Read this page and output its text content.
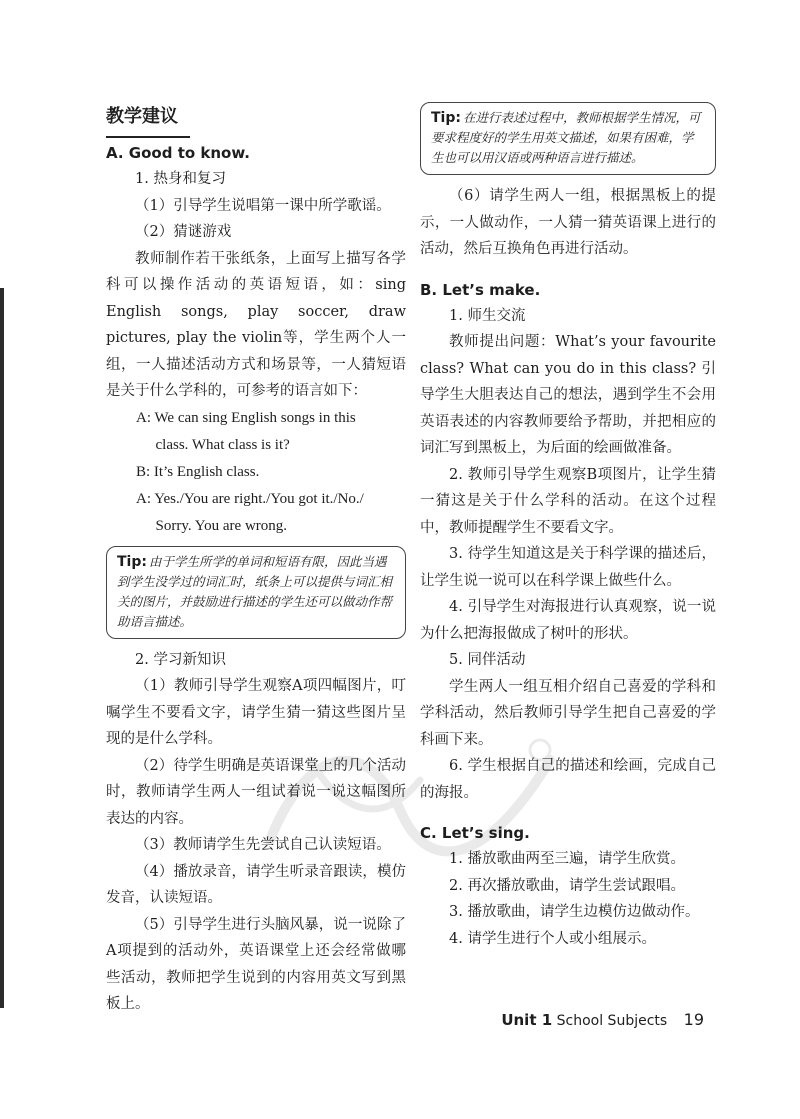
教学建议
A. Good to know.

1. 热身和复习

（1）引导学生说唱第一课中所学歌谣。

（2）猜谜游戏

教师制作若干张纸条，上面写上描写各学科可以操作活动的英语短语，如：sing English songs, play soccer, draw pictures, play the violin等，学生两个人一组，一人描述活动方式和场景等，一人猜短语是关于什么学科的，可参考的语言如下：

A: We can sing English songs in this
class. What class is it?
B: It’s English class.
A: Yes./You are right./You got it./No./
Sorry. You are wrong.
Tip: 由于学生所学的单词和短语有限，因此当遇到学生没学过的词汇时，纸条上可以提供与词汇相关的图片，并鼓励进行描述的学生还可以做动作帮助语言描述。

2. 学习新知识

（1）教师引导学生观察A项四幅图片，叮嘱学生不要看文字，请学生猜一猜这些图片呈现的是什么学科。

（2）待学生明确是英语课堂上的几个活动时，教师请学生两人一组试着说一说这幅图所表达的内容。

（3）教师请学生先尝试自己认读短语。

（4）播放录音，请学生听录音跟读，模仿发音，认读短语。

（5）引导学生进行头脑风暴，说一说除了A项提到的活动外，英语课堂上还会经常做哪些活动，教师把学生说到的内容用英文写到黑板上。

Tip: 在进行表述过程中，教师根据学生情况，可要求程度好的学生用英文描述，如果有困难，学生也可以用汉语或两种语言进行描述。

（6）请学生两人一组，根据黑板上的提示，一人做动作，一人猜一猜英语课上进行的活动，然后互换角色再进行活动。

B. Let’s make.

1. 师生交流

教师提出问题：What’s your favourite class? What can you do in this class? 引导学生大胆表达自己的想法，遇到学生不会用英语表述的内容教师要给予帮助，并把相应的词汇写到黑板上，为后面的绘画做准备。

2. 教师引导学生观察B项图片，让学生猜一猜这是关于什么学科的活动。在这个过程中，教师提醒学生不要看文字。

3. 待学生知道这是关于科学课的描述后，让学生说一说可以在科学课上做些什么。

4. 引导学生对海报进行认真观察，说一说为什么把海报做成了树叶的形状。

5. 同伴活动

学生两人一组互相介绍自己喜爱的学科和学科活动，然后教师引导学生把自己喜爱的学科画下来。

6. 学生根据自己的描述和绘画，完成自己的海报。

C. Let’s sing.

1. 播放歌曲两至三遍，请学生欣赏。

2. 再次播放歌曲，请学生尝试跟唱。

3. 播放歌曲，请学生边模仿边做动作。

4. 请学生进行个人或小组展示。

Unit 1 School Subjects 19
